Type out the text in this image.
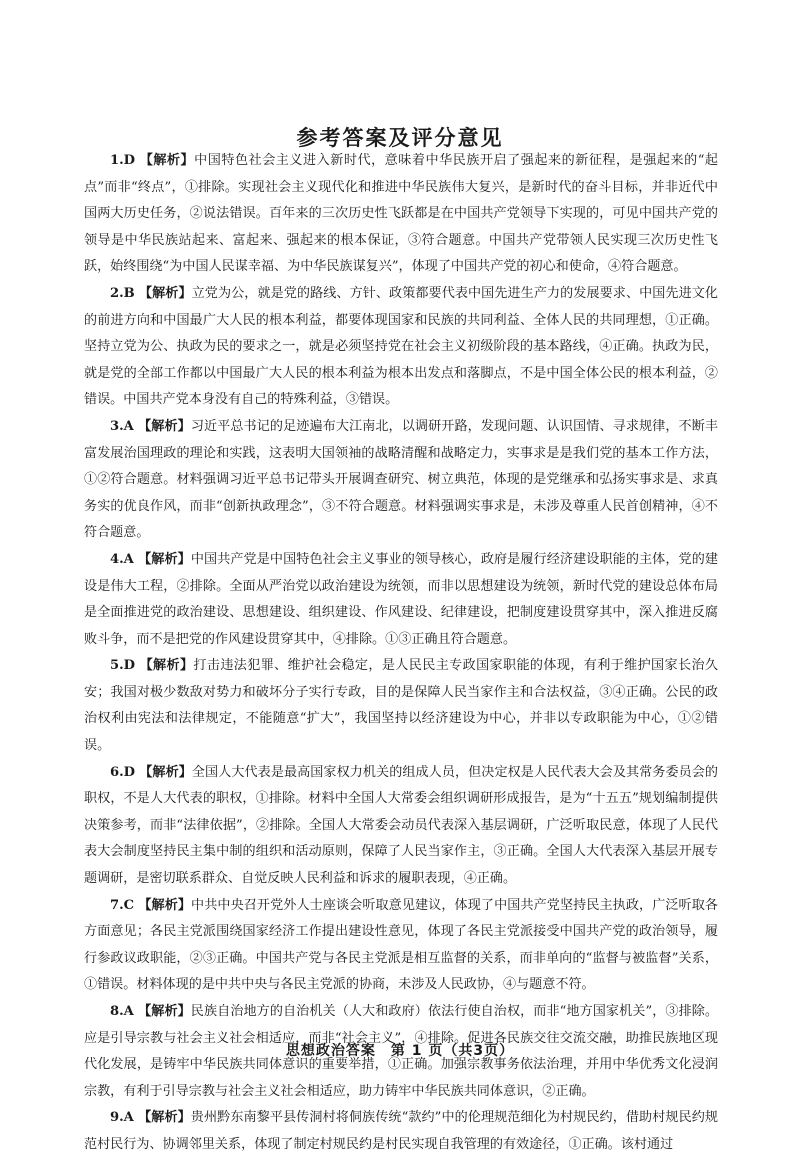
参考答案及评分意见

1.D 【解析】中国特色社会主义进入新时代，意味着中华民族开启了强起来的新征程，是强起来的“起点”而非“终点”，①排除。实现社会主义现代化和推进中华民族伟大复兴，是新时代的奋斗目标，并非近代中国两大历史任务，②说法错误。百年来的三次历史性飞跃都是在中国共产党领导下实现的，可见中国共产党的领导是中华民族站起来、富起来、强起来的根本保证，③符合题意。中国共产党带领人民实现三次历史性飞跃，始终围绕“为中国人民谋幸福、为中华民族谋复兴”，体现了中国共产党的初心和使命，④符合题意。

2.B 【解析】立党为公，就是党的路线、方针、政策都要代表中国先进生产力的发展要求、中国先进文化的前进方向和中国最广大人民的根本利益，都要体现国家和民族的共同利益、全体人民的共同理想，①正确。坚持立党为公、执政为民的要求之一，就是必须坚持党在社会主义初级阶段的基本路线，④正确。执政为民，就是党的全部工作都以中国最广大人民的根本利益为根本出发点和落脚点，不是中国全体公民的根本利益，②错误。中国共产党本身没有自己的特殊利益，③错误。

3.A 【解析】习近平总书记的足迹遍布大江南北，以调研开路，发现问题、认识国情、寻求规律，不断丰富发展治国理政的理论和实践，这表明大国领袖的战略清醒和战略定力，实事求是是我们党的基本工作方法，①②符合题意。材料强调习近平总书记带头开展调查研究、树立典范，体现的是党继承和弘扬实事求是、求真务实的优良作风，而非“创新执政理念”，③不符合题意。材料强调实事求是，未涉及尊重人民首创精神，④不符合题意。

4.A 【解析】中国共产党是中国特色社会主义事业的领导核心，政府是履行经济建设职能的主体，党的建设是伟大工程，②排除。全面从严治党以政治建设为统领，而非以思想建设为统领，新时代党的建设总体布局是全面推进党的政治建设、思想建设、组织建设、作风建设、纪律建设，把制度建设贯穿其中，深入推进反腐败斗争，而不是把党的作风建设贯穿其中，④排除。①③正确且符合题意。

5.D 【解析】打击违法犯罪、维护社会稳定，是人民民主专政国家职能的体现，有利于维护国家长治久安；我国对极少数敌对势力和破坏分子实行专政，目的是保障人民当家作主和合法权益，③④正确。公民的政治权利由宪法和法律规定，不能随意“扩大”，我国坚持以经济建设为中心，并非以专政职能为中心，①②错误。

6.D 【解析】全国人大代表是最高国家权力机关的组成人员，但决定权是人民代表大会及其常务委员会的职权，不是人大代表的职权，①排除。材料中全国人大常委会组织调研形成报告，是为“十五五”规划编制提供决策参考，而非“法律依据”，②排除。全国人大常委会动员代表深入基层调研，广泛听取民意，体现了人民代表大会制度坚持民主集中制的组织和活动原则，保障了人民当家作主，③正确。全国人大代表深入基层开展专题调研，是密切联系群众、自觉反映人民利益和诉求的履职表现，④正确。

7.C 【解析】中共中央召开党外人士座谈会听取意见建议，体现了中国共产党坚持民主执政，广泛听取各方面意见；各民主党派围绕国家经济工作提出建设性意见，体现了各民主党派接受中国共产党的政治领导，履行参政议政职能，②③正确。中国共产党与各民主党派是相互监督的关系，而非单向的“监督与被监督”关系，①错误。材料体现的是中共中央与各民主党派的协商，未涉及人民政协，④与题意不符。

8.A 【解析】民族自治地方的自治机关（人大和政府）依法行使自治权，而非“地方国家机关”，③排除。应是引导宗教与社会主义社会相适应，而非“社会主义”，④排除。促进各民族交往交流交融，助推民族地区现代化发展，是铸牢中华民族共同体意识的重要举措，①正确。加强宗教事务依法治理，并用中华优秀文化浸润宗教，有利于引导宗教与社会主义社会相适应，助力铸牢中华民族共同体意识，②正确。

9.A 【解析】贵州黔东南黎平县传洞村将侗族传统“款约”中的伦理规范细化为村规民约，借助村规民约规范村民行为、协调邻里关系，体现了制定村规民约是村民实现自我管理的有效途径，①正确。该村通过

思想政治答案　第 1 页（共3页）
